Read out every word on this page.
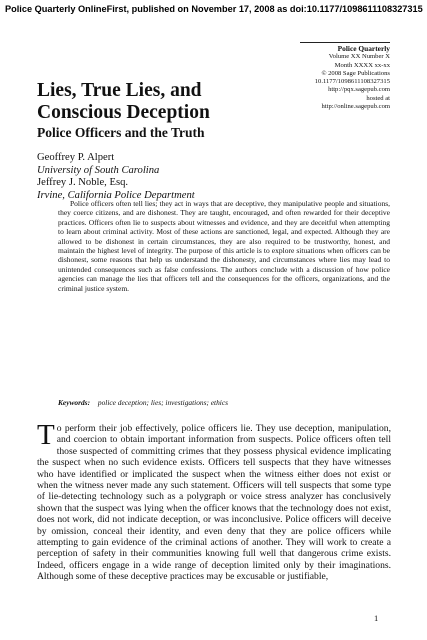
Police Quarterly OnlineFirst, published on November 17, 2008 as doi:10.1177/1098611108327315
Police Quarterly
Volume XX Number X
Month XXXX xx-xx
© 2008 Sage Publications
10.1177/1098611108327315
http://pqx.sagepub.com
hosted at
http://online.sagepub.com
Lies, True Lies, and
Conscious Deception
Police Officers and the Truth
Geoffrey P. Alpert
University of South Carolina
Jeffrey J. Noble, Esq.
Irvine, California Police Department
Police officers often tell lies; they act in ways that are deceptive, they manipulative people and situations, they coerce citizens, and are dishonest. They are taught, encouraged, and often rewarded for their deceptive practices. Officers often lie to suspects about witnesses and evidence, and they are deceitful when attempting to learn about criminal activity. Most of these actions are sanctioned, legal, and expected. Although they are allowed to be dishonest in certain circumstances, they are also required to be trustworthy, honest, and maintain the highest level of integrity. The purpose of this article is to explore situations when officers can be dishonest, some reasons that help us understand the dishonesty, and circumstances where lies may lead to unintended consequences such as false confessions. The authors conclude with a discussion of how police agencies can manage the lies that officers tell and the consequences for the officers, organizations, and the criminal justice system.
Keywords: police deception; lies; investigations; ethics
T o perform their job effectively, police officers lie. They use deception, manipulation, and coercion to obtain important information from suspects. Police officers often tell those suspected of committing crimes that they possess physical evidence implicating the suspect when no such evidence exists. Officers tell suspects that they have witnesses who have identified or implicated the suspect when the witness either does not exist or when the witness never made any such statement. Officers will tell suspects that some type of lie-detecting technology such as a polygraph or voice stress analyzer has conclusively shown that the suspect was lying when the officer knows that the technology does not exist, does not work, did not indicate deception, or was inconclusive. Police officers will deceive by omission, conceal their identity, and even deny that they are police officers while attempting to gain evidence of the criminal actions of another. They will work to create a perception of safety in their communities knowing full well that dangerous crime exists. Indeed, officers engage in a wide range of deception limited only by their imaginations. Although some of these deceptive practices may be excusable or justifiable,
1
